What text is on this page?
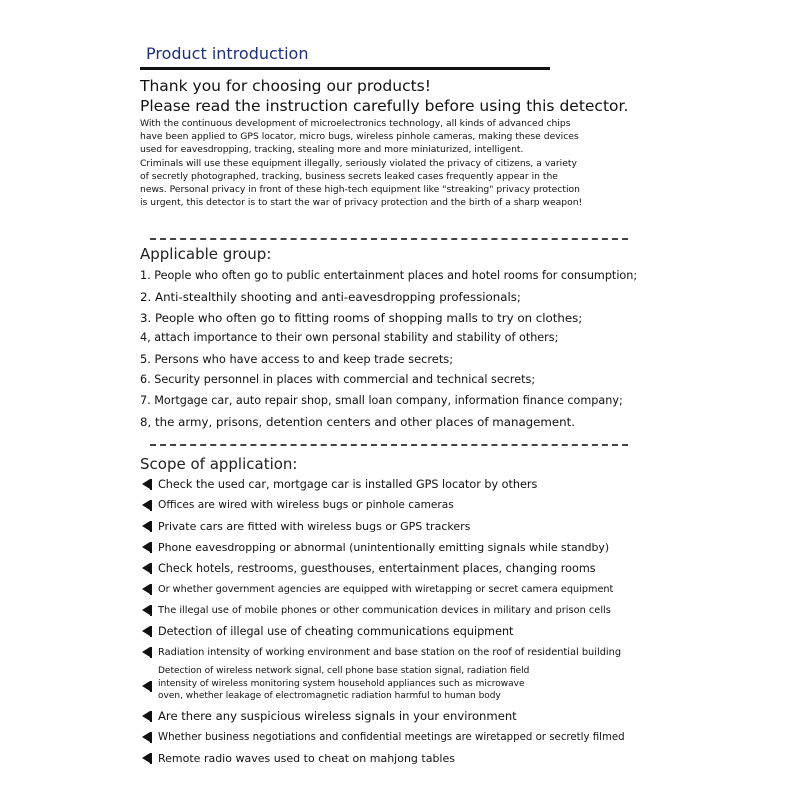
Product introduction
Thank you for choosing our products!
Please read the instruction carefully before using this detector.

With the continuous development of microelectronics technology, all kinds of advanced chips

have been applied to GPS locator, micro bugs, wireless pinhole cameras, making these devices

used for eavesdropping, tracking, stealing more and more miniaturized, intelligent.

Criminals will use these equipment illegally, seriously violated the privacy of citizens, a variety

of secretly photographed, tracking, business secrets leaked cases frequently appear in the

news. Personal privacy in front of these high-tech equipment like "streaking" privacy protection

is urgent, this detector is to start the war of privacy protection and the birth of a sharp weapon!

Applicable group:
1. People who often go to public entertainment places and hotel rooms for consumption;
2. Anti-stealthily shooting and anti-eavesdropping professionals;
3. People who often go to fitting rooms of shopping malls to try on clothes;
4, attach importance to their own personal stability and stability of others;
5. Persons who have access to and keep trade secrets;
6. Security personnel in places with commercial and technical secrets;
7. Mortgage car, auto repair shop, small loan company, information finance company;
8, the army, prisons, detention centers and other places of management.
Scope of application:
Check the used car, mortgage car is installed GPS locator by others
Offices are wired with wireless bugs or pinhole cameras
Private cars are fitted with wireless bugs or GPS trackers
Phone eavesdropping or abnormal (unintentionally emitting signals while standby)
Check hotels, restrooms, guesthouses, entertainment places, changing rooms
Or whether government agencies are equipped with wiretapping or secret camera equipment
The illegal use of mobile phones or other communication devices in military and prison cells
Detection of illegal use of cheating communications equipment
Radiation intensity of working environment and base station on the roof of residential building
Detection of wireless network signal, cell phone base station signal, radiation field
intensity of wireless monitoring system household appliances such as microwave
oven, whether leakage of electromagnetic radiation harmful to human body
Are there any suspicious wireless signals in your environment
Whether business negotiations and confidential meetings are wiretapped or secretly filmed
Remote radio waves used to cheat on mahjong tables
